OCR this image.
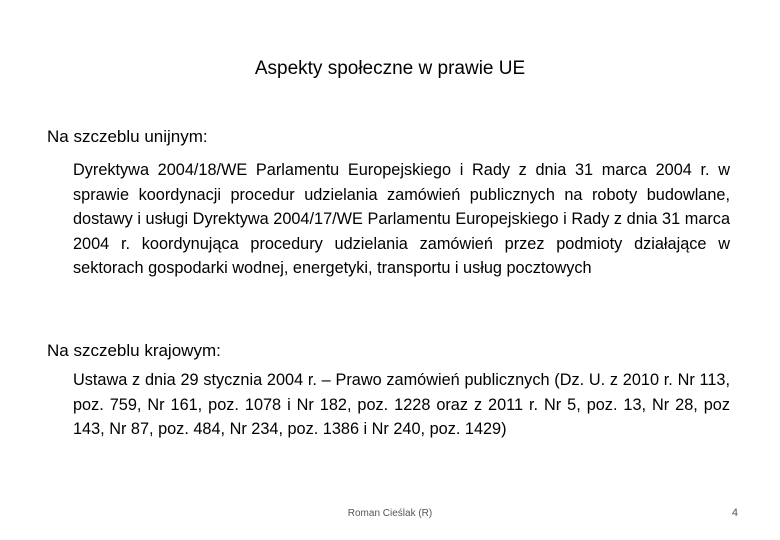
Aspekty społeczne w prawie UE
Na szczeblu unijnym:
Dyrektywa 2004/18/WE Parlamentu Europejskiego i Rady z dnia 31 marca 2004 r. w sprawie koordynacji procedur udzielania zamówień publicznych na roboty budowlane, dostawy i usługi Dyrektywa 2004/17/WE Parlamentu Europejskiego i Rady z dnia 31 marca 2004 r. koordynująca procedury udzielania zamówień przez podmioty działające w sektorach gospodarki wodnej, energetyki, transportu i usług pocztowych
Na szczeblu krajowym:
Ustawa z dnia 29 stycznia 2004 r. – Prawo zamówień publicznych (Dz. U. z 2010 r. Nr 113, poz. 759, Nr 161, poz. 1078 i Nr 182, poz. 1228 oraz z 2011 r. Nr 5, poz. 13, Nr 28, poz 143, Nr 87, poz. 484, Nr 234, poz. 1386 i Nr 240, poz. 1429)
Roman Cieślak (R)	4
